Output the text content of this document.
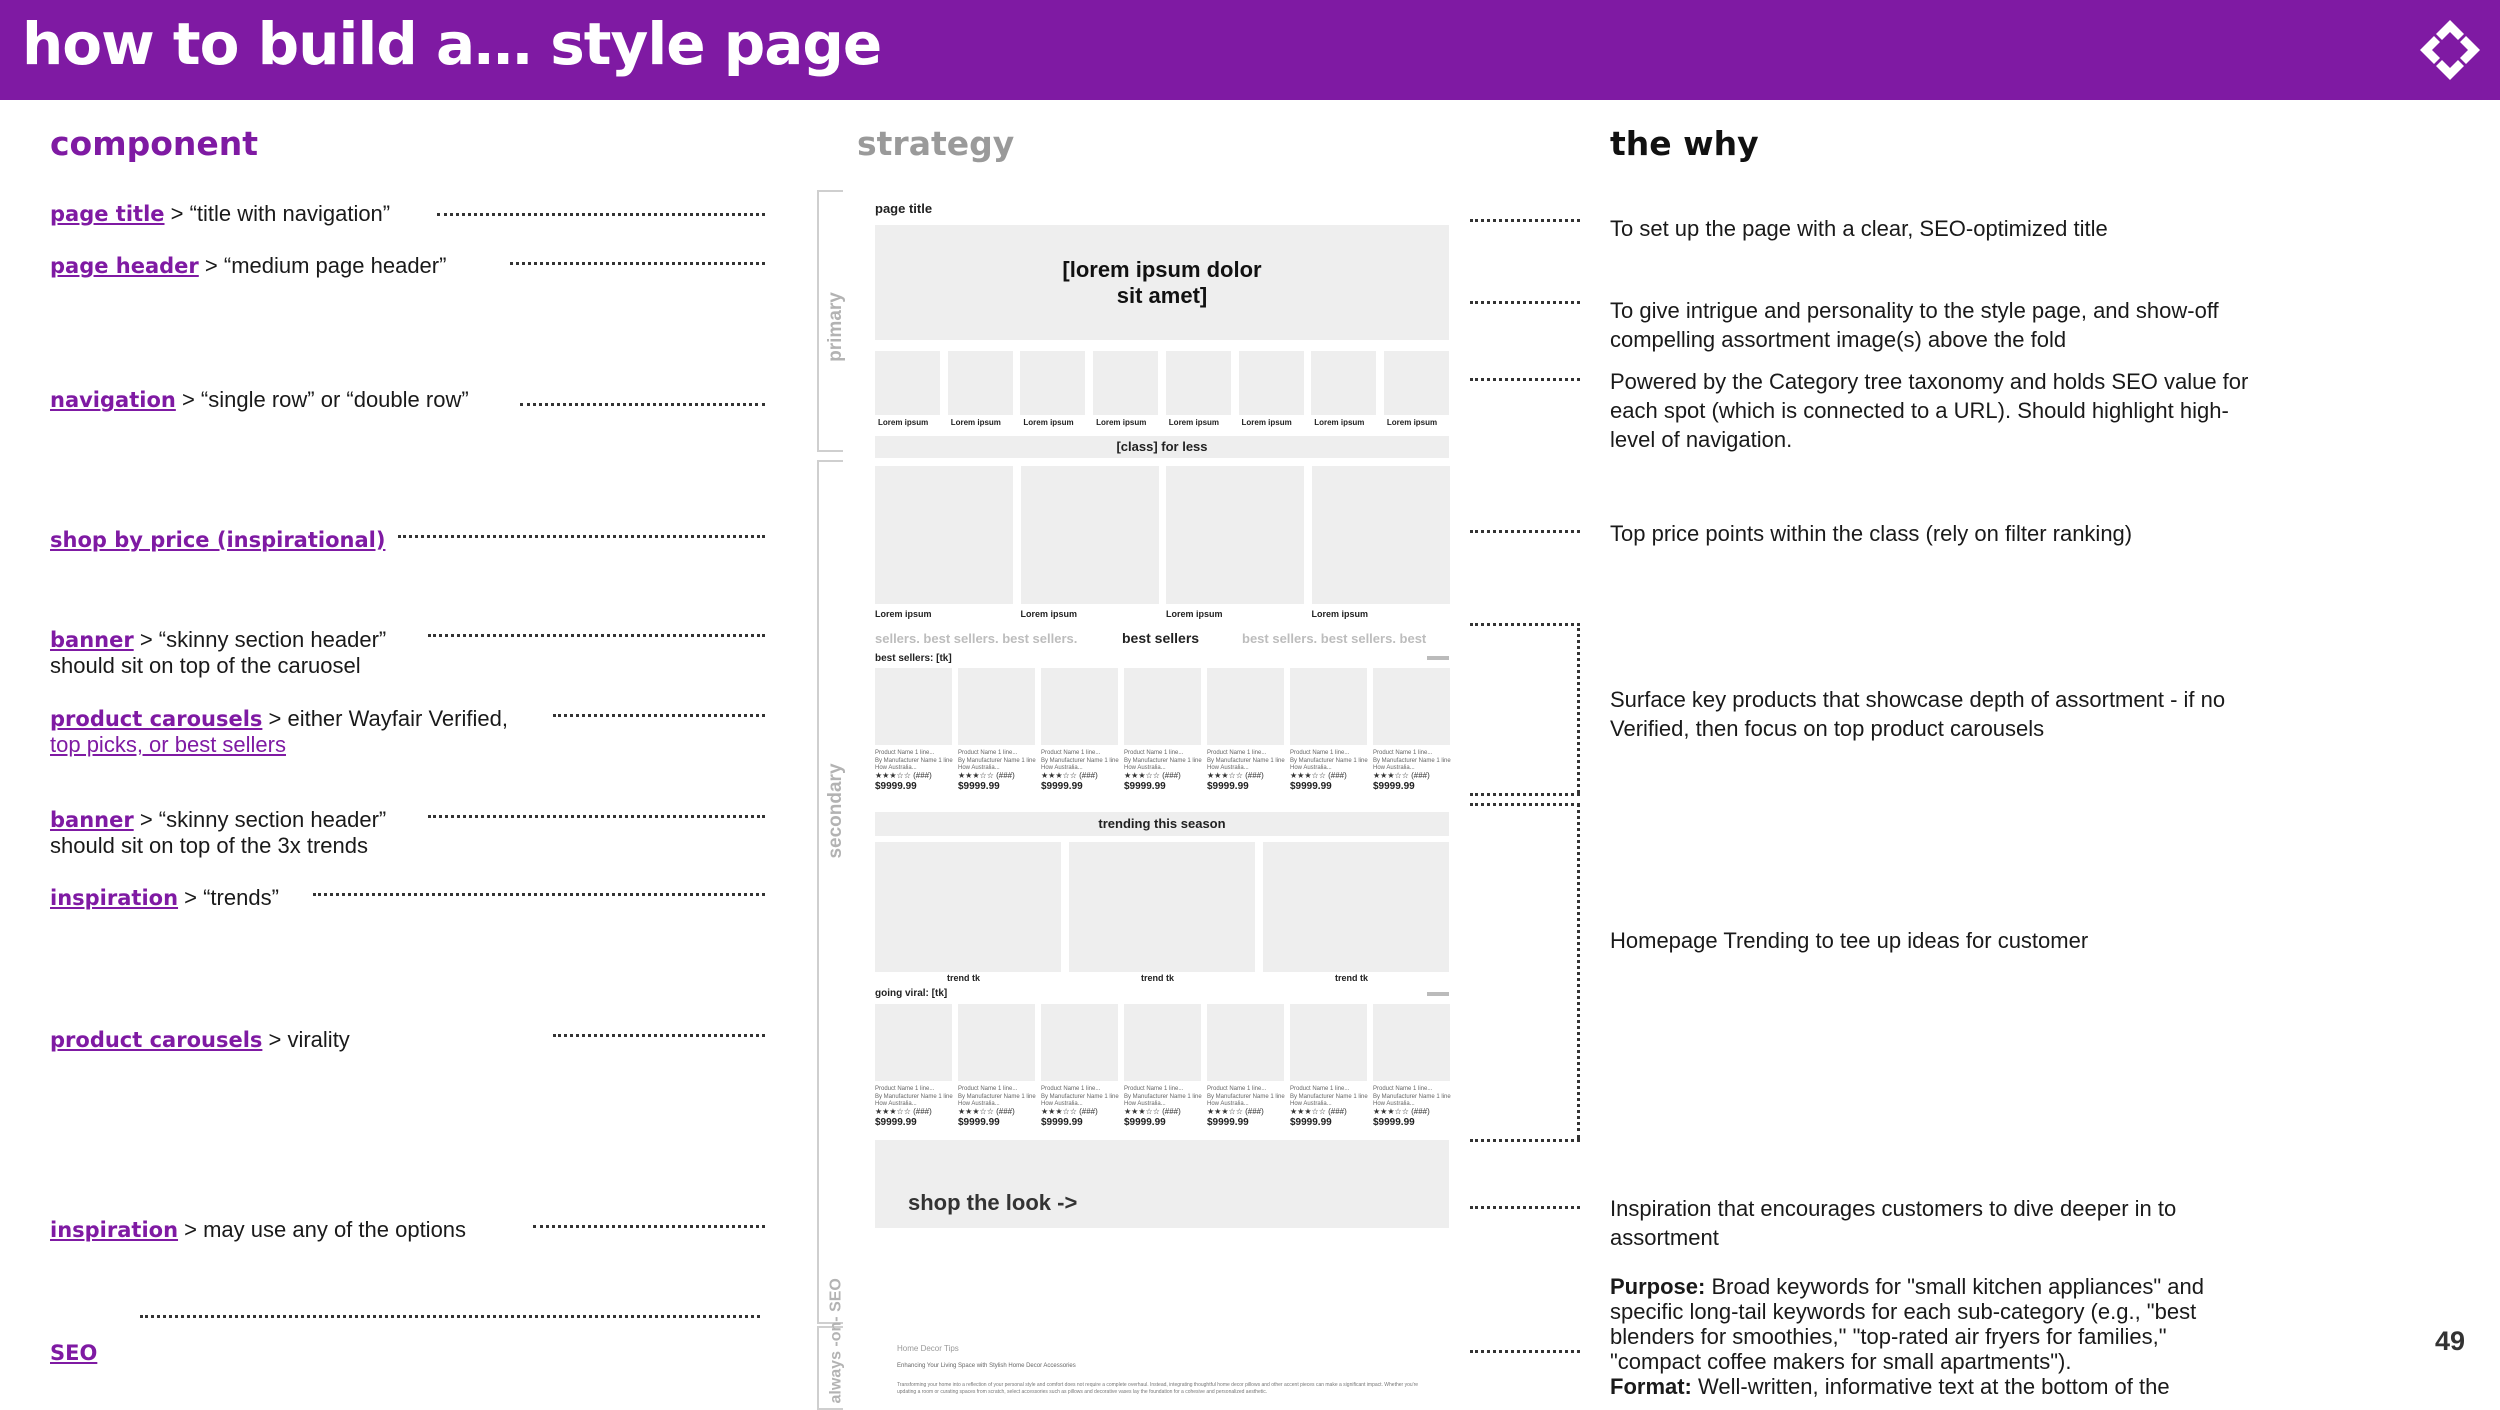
how to build a… style page
component	strategy	the why
page title > “title with navigation”
page header > “medium page header”
navigation > “single row” or “double row”
shop by price (inspirational)
banner > “skinny section header”
should sit on top of the caruosel
product carousels > either Wayfair Verified,
top picks, or best sellers
banner > “skinny section header”
should sit on top of the 3x trends
inspiration > “trends”
product carousels > virality
inspiration > may use any of the options
SEO
primary
secondary
always -on- SEO
page title
[lorem ipsum dolor sit amet]
Lorem ipsum	Lorem ipsum	Lorem ipsum	Lorem ipsum	Lorem ipsum	Lorem ipsum	Lorem ipsum	Lorem ipsum
[class] for less
Lorem ipsum	Lorem ipsum	Lorem ipsum	Lorem ipsum
sellers. best sellers. best sellers.	best sellers	best sellers. best sellers. best
best sellers: [tk]
Product Name 1 line...
By Manufacturer Name 1 line
How Australia...
★★★☆☆ (###)
$9999.99
Product Name 1 line...
By Manufacturer Name 1 line
How Australia...
★★★☆☆ (###)
$9999.99
Product Name 1 line...
By Manufacturer Name 1 line
How Australia...
★★★☆☆ (###)
$9999.99
Product Name 1 line...
By Manufacturer Name 1 line
How Australia...
★★★☆☆ (###)
$9999.99
Product Name 1 line...
By Manufacturer Name 1 line
How Australia...
★★★☆☆ (###)
$9999.99
Product Name 1 line...
By Manufacturer Name 1 line
How Australia...
★★★☆☆ (###)
$9999.99
Product Name 1 line...
By Manufacturer Name 1 line
How Australia...
★★★☆☆ (###)
$9999.99
trending this season
trend tk	trend tk	trend tk
going viral: [tk]
Product Name 1 line...
By Manufacturer Name 1 line
How Australia...
★★★☆☆ (###)
$9999.99
Product Name 1 line...
By Manufacturer Name 1 line
How Australia...
★★★☆☆ (###)
$9999.99
Product Name 1 line...
By Manufacturer Name 1 line
How Australia...
★★★☆☆ (###)
$9999.99
Product Name 1 line...
By Manufacturer Name 1 line
How Australia...
★★★☆☆ (###)
$9999.99
Product Name 1 line...
By Manufacturer Name 1 line
How Australia...
★★★☆☆ (###)
$9999.99
Product Name 1 line...
By Manufacturer Name 1 line
How Australia...
★★★☆☆ (###)
$9999.99
Product Name 1 line...
By Manufacturer Name 1 line
How Australia...
★★★☆☆ (###)
$9999.99
shop the look ->
Home Decor Tips
Enhancing Your Living Space with Stylish Home Decor Accessories
Transforming your home into a reflection of your personal style and comfort does not require a complete overhaul. Instead, integrating thoughtful home decor pillows and other accent pieces can make a significant impact. Whether you're updating a room or curating spaces from scratch, select accessories such as pillows and decorative vases lay the foundation for a cohesive and personalized aesthetic.
To set up the page with a clear, SEO-optimized title
To give intrigue and personality to the style page, and show-off compelling assortment image(s) above the fold
Powered by the Category tree taxonomy and holds SEO value for each spot (which is connected to a URL). Should highlight high-level of navigation.
Top price points within the class (rely on filter ranking)
Surface key products that showcase depth of assortment - if no Verified, then focus on top product carousels
Homepage Trending to tee up ideas for customer
Inspiration that encourages customers to dive deeper in to assortment
Purpose: Broad keywords for "small kitchen appliances" and specific long-tail keywords for each sub-category (e.g., "best blenders for smoothies," "top-rated air fryers for families," "compact coffee makers for small apartments").
Format: Well-written, informative text at the bottom of the
49
